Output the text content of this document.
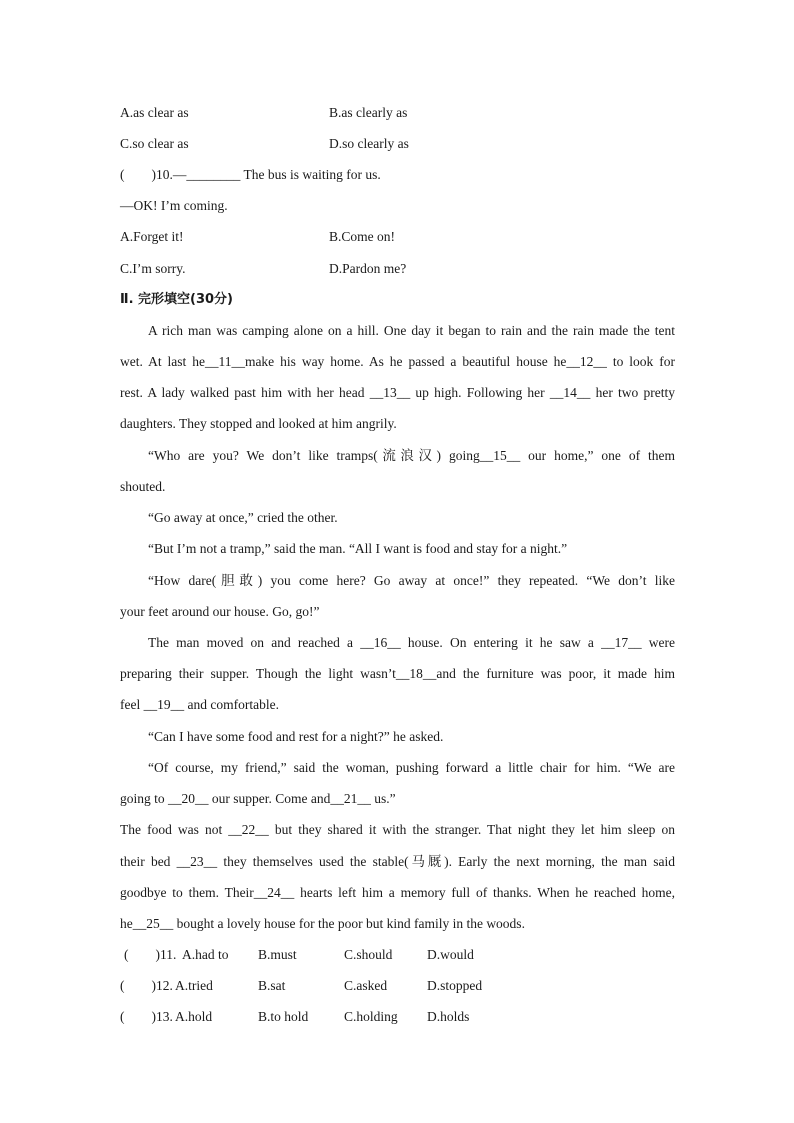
A.as clear as	B.as clearly as
C.so clear as	D.so clearly as
(　　)10.—________ The bus is waiting for us.
—OK! I’m coming.
A.Forget it!	B.Come on!
C.I’m sorry.	D.Pardon me?
Ⅱ. 完形填空(30分)
A rich man was camping alone on a hill. One day it began to rain and the rain made the tent
wet. At last he__11__make his way home. As he passed a beautiful house he__12__ to look for
rest. A lady walked past him with her head __13__ up high. Following her __14__ her two pretty
daughters. They stopped and looked at him angrily.
“Who are you? We don’t like tramps(流浪汉) going__15__ our home,” one of them
shouted.
“Go away at once,” cried the other.
“But I’m not a tramp,” said the man. “All I want is food and stay for a night.”
“How dare(胆敢) you come here? Go away at once!” they repeated. “We don’t like
your feet around our house. Go, go!”
The man moved on and reached a __16__ house. On entering it he saw a __17__ were
preparing their supper. Though the light wasn’t__18__and the furniture was poor, it made him
feel __19__ and comfortable.
“Can I have some food and rest for a night?” he asked.
“Of course, my friend,” said the woman, pushing forward a little chair for him. “We are
going to __20__ our supper. Come and__21__ us.”
The food was not __22__ but they shared it with the stranger. That night they let him sleep on
their bed __23__ they themselves used the stable(马厩). Early the next morning, the man said
goodbye to them. Their__24__ hearts left him a memory full of thanks. When he reached home,
he__25__ bought a lovely house for the poor but kind family in the woods.
(　　)11. A.had to B.must	C.should	D.would
(　　)12. A.tried	B.sat	C.asked	D.stopped
(　　)13. A.hold	B.to hold	C.holding D.holds
